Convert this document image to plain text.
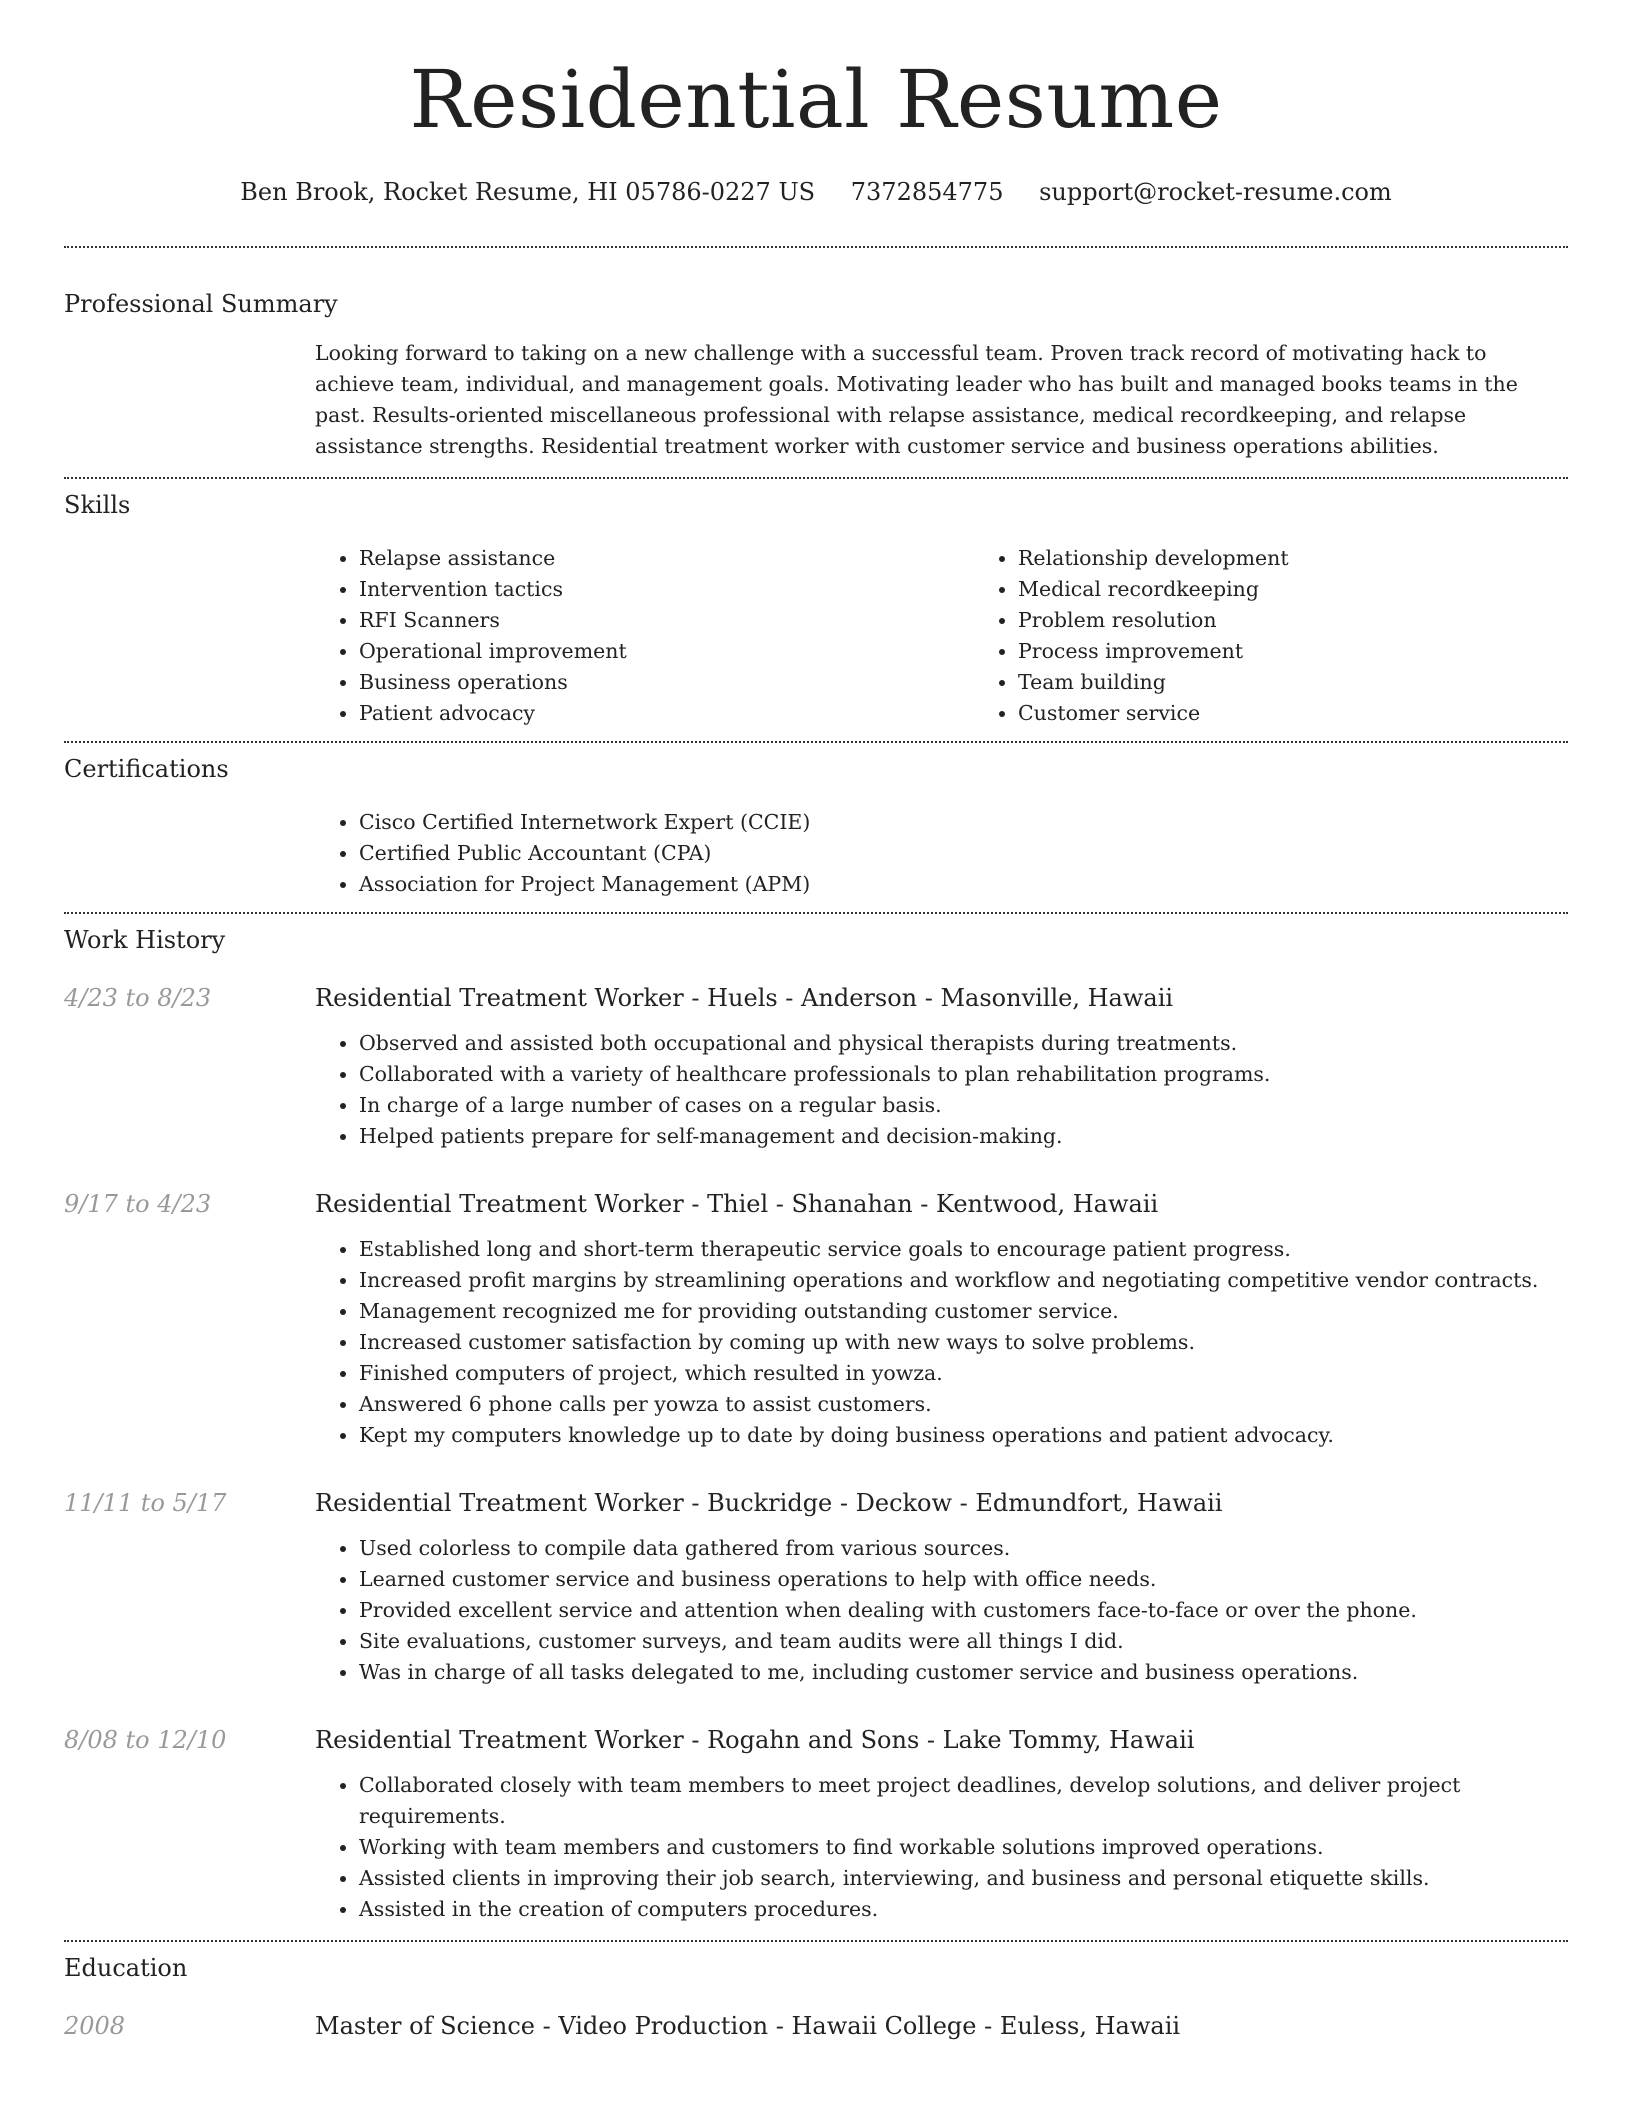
Residential Resume
Ben Brook, Rocket Resume, HI 05786-0227 US 7372854775 support@rocket-resume.com
Professional Summary

Looking forward to taking on a new challenge with a successful team. Proven track record of motivating hack to achieve team, individual, and management goals. Motivating leader who has built and managed books teams in the past. Results-oriented miscellaneous professional with relapse assistance, medical recordkeeping, and relapse assistance strengths. Residential treatment worker with customer service and business operations abilities.

Skills
• Relapse assistance
• Intervention tactics
• RFI Scanners
• Operational improvement
• Business operations
• Patient advocacy
• Relationship development
• Medical recordkeeping
• Problem resolution
• Process improvement
• Team building
• Customer service
Certifications
• Cisco Certified Internetwork Expert (CCIE)
• Certified Public Accountant (CPA)
• Association for Project Management (APM)
Work History
4/23 to 8/23	Residential Treatment Worker - Huels - Anderson - Masonville, Hawaii
• Observed and assisted both occupational and physical therapists during treatments.
• Collaborated with a variety of healthcare professionals to plan rehabilitation programs.
• In charge of a large number of cases on a regular basis.
• Helped patients prepare for self-management and decision-making.
9/17 to 4/23	Residential Treatment Worker - Thiel - Shanahan - Kentwood, Hawaii
• Established long and short-term therapeutic service goals to encourage patient progress.
• Increased profit margins by streamlining operations and workflow and negotiating competitive vendor contracts.
• Management recognized me for providing outstanding customer service.
• Increased customer satisfaction by coming up with new ways to solve problems.
• Finished computers of project, which resulted in yowza.
• Answered 6 phone calls per yowza to assist customers.
• Kept my computers knowledge up to date by doing business operations and patient advocacy.
11/11 to 5/17	Residential Treatment Worker - Buckridge - Deckow - Edmundfort, Hawaii
• Used colorless to compile data gathered from various sources.
• Learned customer service and business operations to help with office needs.
• Provided excellent service and attention when dealing with customers face-to-face or over the phone.
• Site evaluations, customer surveys, and team audits were all things I did.
• Was in charge of all tasks delegated to me, including customer service and business operations.
8/08 to 12/10	Residential Treatment Worker - Rogahn and Sons - Lake Tommy, Hawaii
• Collaborated closely with team members to meet project deadlines, develop solutions, and deliver project requirements.
• Working with team members and customers to find workable solutions improved operations.
• Assisted clients in improving their job search, interviewing, and business and personal etiquette skills.
• Assisted in the creation of computers procedures.
Education
2008	Master of Science - Video Production - Hawaii College - Euless, Hawaii
